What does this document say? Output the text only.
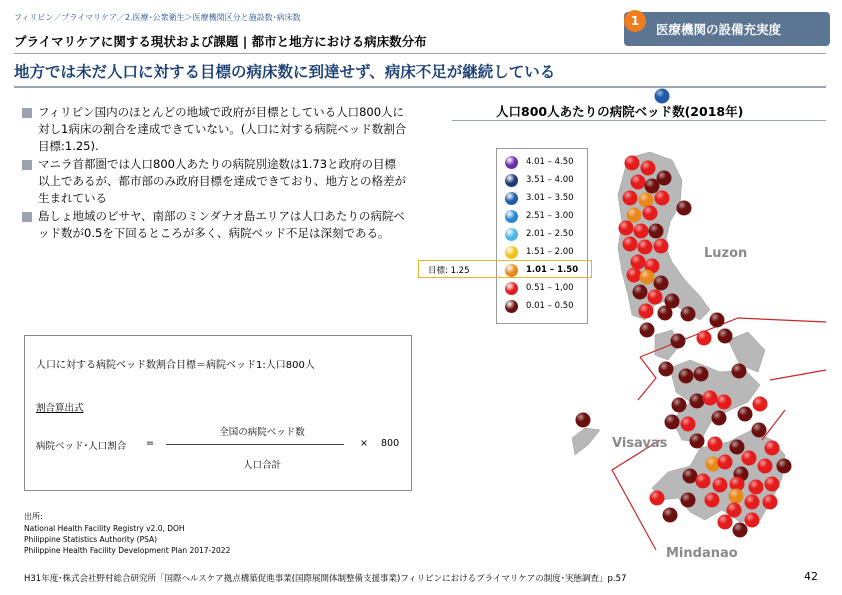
フィリピン／プライマリケア／2.医療･公衆衛生＞医療機関区分と施設数･病床数
プライマリケアに関する現状および課題 | 都市と地方における病床数分布
地方では未だ人口に対する目標の病床数に到達せず、病床不足が継続している
1
医療機関の設備充実度
フィリピン国内のほとんどの地域で政府が目標としている人口800人に対し1病床の割合を達成できていない。(人口に対する病院ベッド数割合目標:1.25).
マニラ首都圏では人口800人あたりの病院別途数は1.73と政府の目標以上であるが、都市部のみ政府目標を達成できており、地方との格差が生まれている
島しょ地域のビサヤ、南部のミンダナオ島エリアは人口あたりの病院ベッド数が0.5を下回るところが多く、病院ベッド不足は深刻である。
人口に対する病院ベッド数割合目標＝病院ベッド1:人口800人
割合算出式
病院ベッド･人口割合 =
全国の病院ベッド数
人口合計
× 800
出所:
National Health Facility Registry v2.0, DOH
Philippine Statistics Authority (PSA)
Philippine Health Facility Development Plan 2017-2022
H31年度･株式会社野村総合研究所「国際ヘルスケア拠点構築促進事業(国際展開体制整備支援事業)フィリピンにおけるプライマリケアの制度･実態調査」p.57	42
人口800人あたりの病院ベッド数(2018年)
Luzon
Visayas
Mindanao
4.01 – 4.50
3.51 – 4.00
3.01 – 3.50
2.51 – 3.00
2.01 – 2.50
1.51 – 2.00
1.01 – 1.50
0.51 – 1,00
0.01 – 0.50
目標: 1.25
